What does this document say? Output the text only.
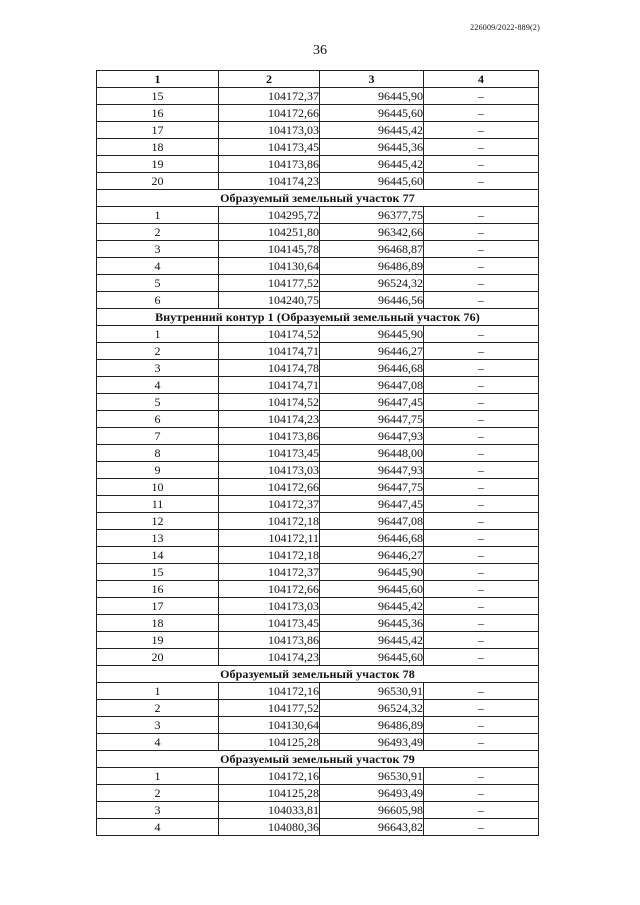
226009/2022-889(2)
36
1	2	3	4
15	104172,37	96445,90	–
16	104172,66	96445,60	–
17	104173,03	96445,42	–
18	104173,45	96445,36	–
19	104173,86	96445,42	–
20	104174,23	96445,60	–
Образуемый земельный участок 77			
1	104295,72	96377,75	–
2	104251,80	96342,66	–
3	104145,78	96468,87	–
4	104130,64	96486,89	–
5	104177,52	96524,32	–
6	104240,75	96446,56	–
Внутренний контур 1 (Образуемый земельный участок 76)			
1	104174,52	96445,90	–
2	104174,71	96446,27	–
3	104174,78	96446,68	–
4	104174,71	96447,08	–
5	104174,52	96447,45	–
6	104174,23	96447,75	–
7	104173,86	96447,93	–
8	104173,45	96448,00	–
9	104173,03	96447,93	–
10	104172,66	96447,75	–
11	104172,37	96447,45	–
12	104172,18	96447,08	–
13	104172,11	96446,68	–
14	104172,18	96446,27	–
15	104172,37	96445,90	–
16	104172,66	96445,60	–
17	104173,03	96445,42	–
18	104173,45	96445,36	–
19	104173,86	96445,42	–
20	104174,23	96445,60	–
Образуемый земельный участок 78			
1	104172,16	96530,91	–
2	104177,52	96524,32	–
3	104130,64	96486,89	–
4	104125,28	96493,49	–
Образуемый земельный участок 79			
1	104172,16	96530,91	–
2	104125,28	96493,49	–
3	104033,81	96605,98	–
4	104080,36	96643,82	–
